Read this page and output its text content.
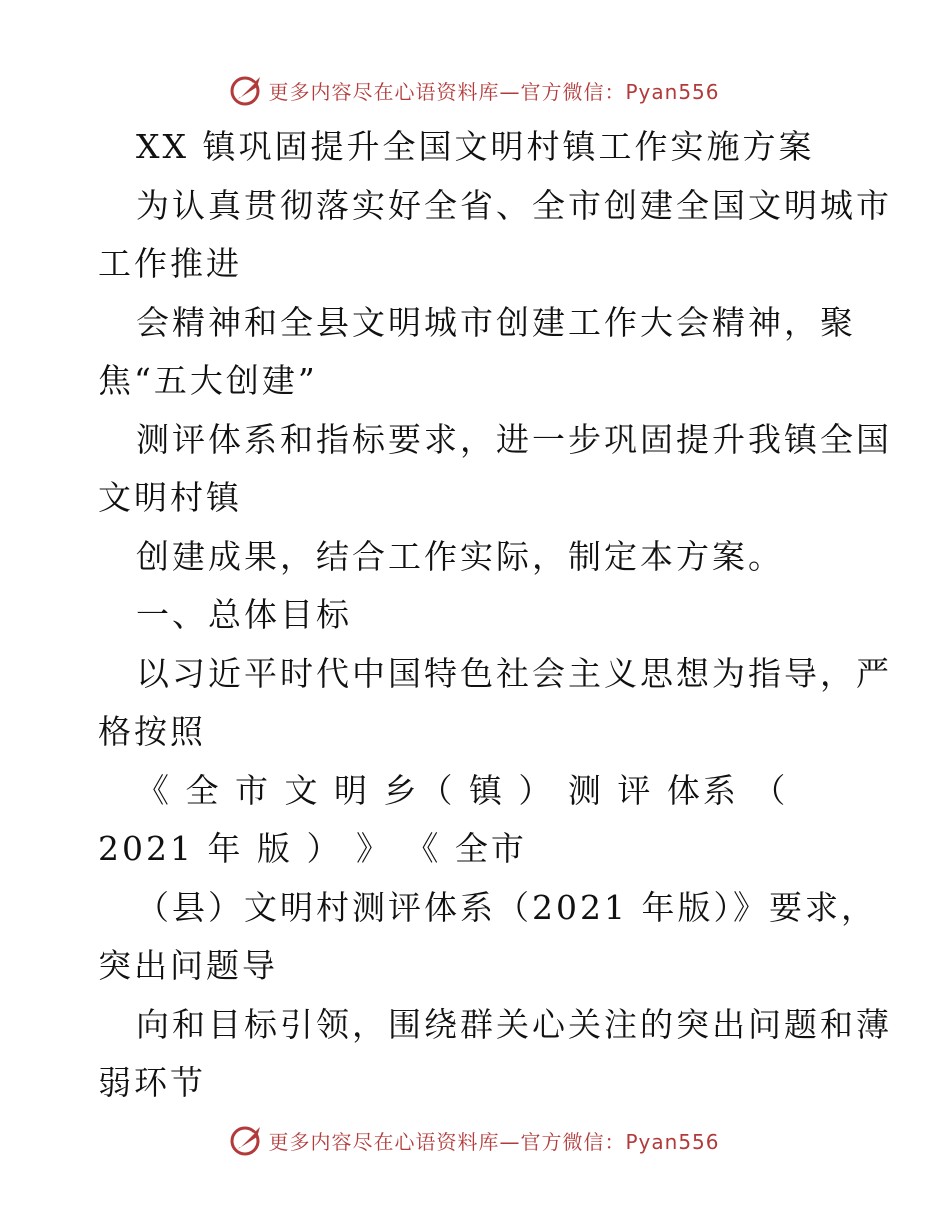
更多内容尽在心语资料库—官方微信：Pyan556
XX 镇巩固提升全国文明村镇工作实施方案
为认真贯彻落实好全省、全市创建全国文明城市
工作推进
会精神和全县文明城市创建工作大会精神，聚
焦“五大创建”
测评体系和指标要求，进一步巩固提升我镇全国
文明村镇
创建成果，结合工作实际，制定本方案。
一、总体目标
以习近平时代中国特色社会主义思想为指导，严
格按照
《 全 市 文 明 乡（ 镇 ） 测 评 体系 （
2021 年 版 ） 》 《 全市
（县）文明村测评体系（2021 年版）》要求，
突出问题导
向和目标引领，围绕群关心关注的突出问题和薄
弱环节
更多内容尽在心语资料库—官方微信：Pyan556
